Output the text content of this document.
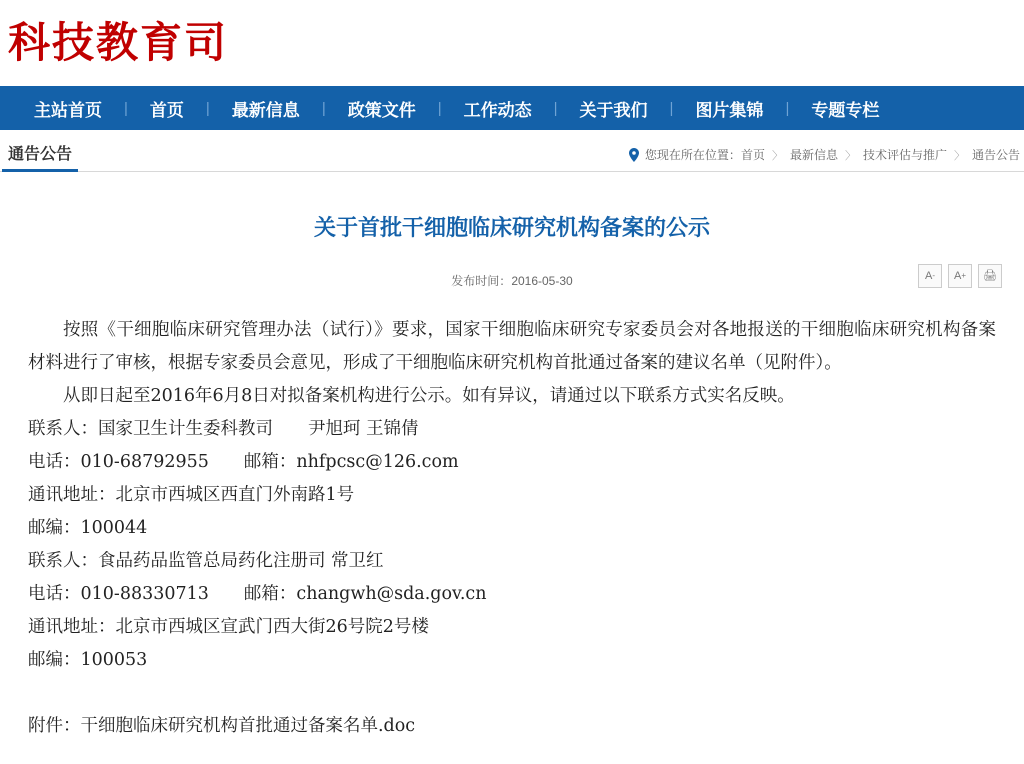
科技教育司
主站首页	|	首页	|	最新信息	|	政策文件	|	工作动态	|	关于我们	|	图片集锦	|	专题专栏
通告公告	您现在所在位置： 首页 〉 最新信息 〉 技术评估与推广 〉 通告公告
关于首批干细胞临床研究机构备案的公示
发布时间：2016-05-30	A - A +	🖨

按照《干细胞临床研究管理办法（试行）》要求，国家干细胞临床研究专家委员会对各地报送的干细胞临床研究机构备案材料进行了审核，根据专家委员会意见，形成了干细胞临床研究机构首批通过备案的建议名单（见附件）。

从即日起至2016年6月8日对拟备案机构进行公示。如有异议，请通过以下联系方式实名反映。

联系人：国家卫生计生委科教司　　尹旭珂 王锦倩

电话：010-68792955　　邮箱：nhfpcsc@126.com

通讯地址：北京市西城区西直门外南路1号

邮编：100044

联系人：食品药品监管总局药化注册司 常卫红

电话：010-88330713　　邮箱：changwh@sda.gov.cn

通讯地址：北京市西城区宣武门西大街26号院2号楼

邮编：100053

附件：干细胞临床研究机构首批通过备案名单.doc
